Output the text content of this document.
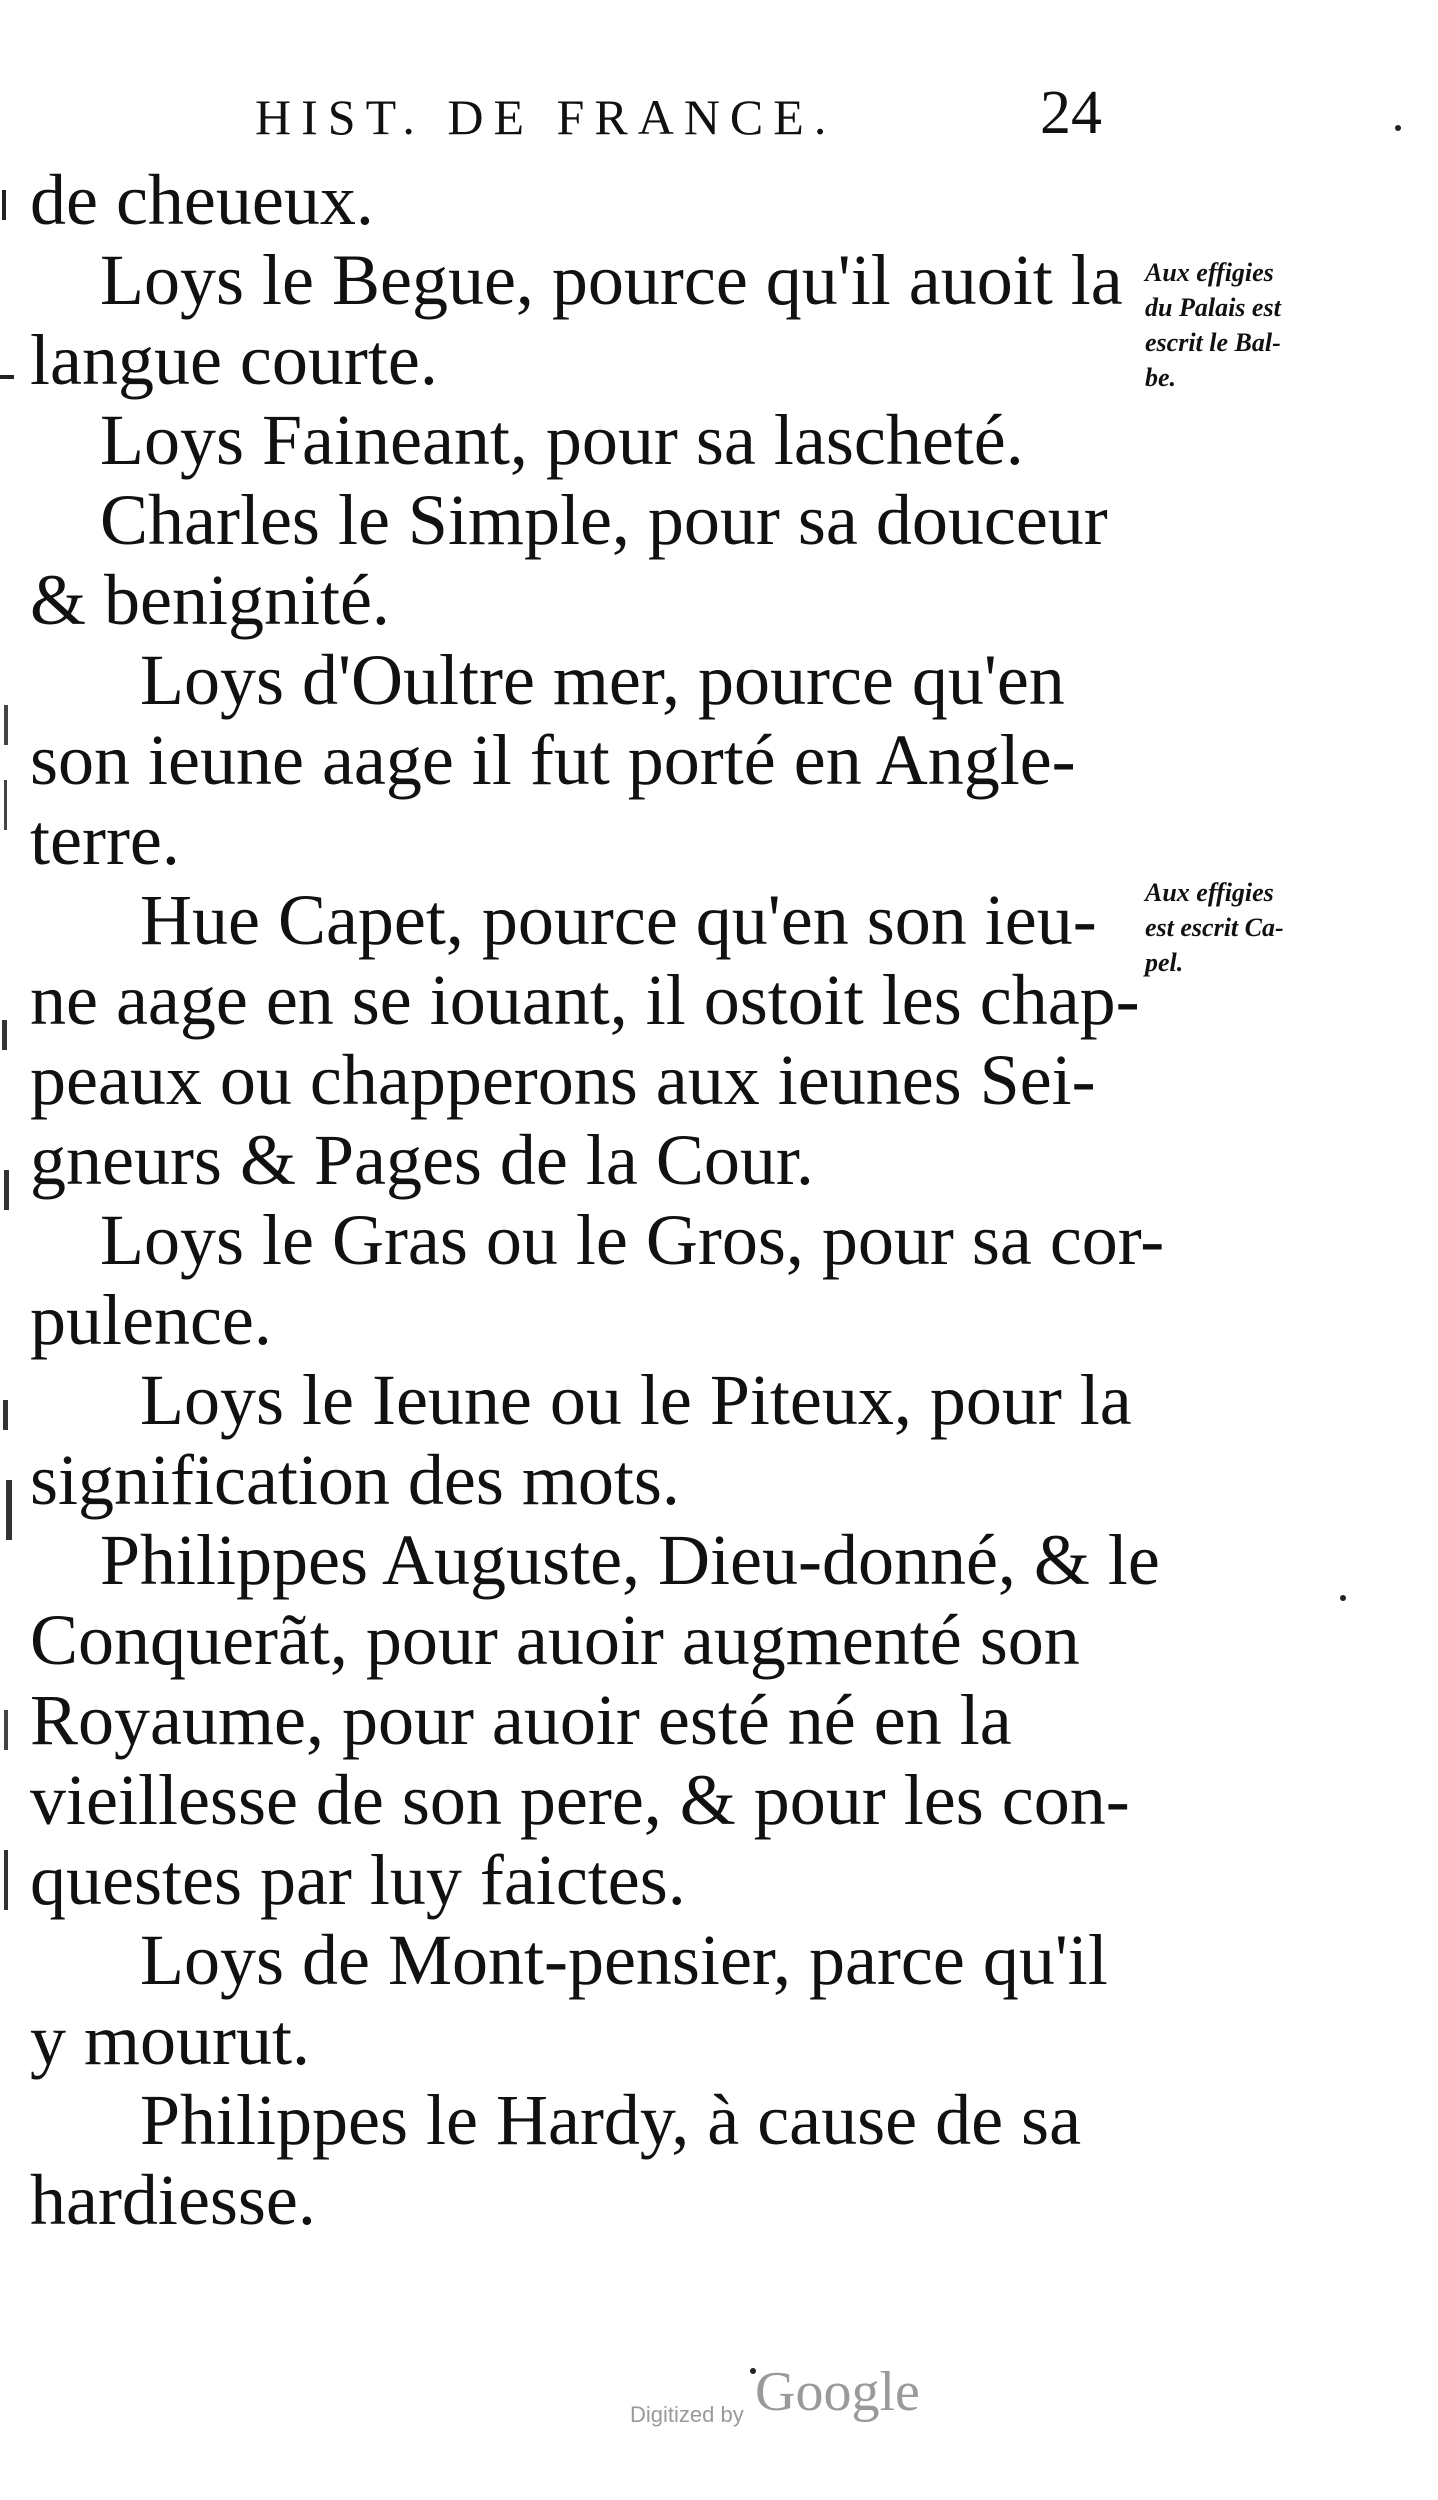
HIST. DE FRANCE.	24
de cheueux.
Loys le Begue, pource qu'il auoit la
langue courte.
Loys Faineant, pour sa lascheté.
Charles le Simple, pour sa douceur
& benignité.
Loys d'Oultre mer, pource qu'en
son ieune aage il fut porté en Angle-
terre.
Hue Capet, pource qu'en son ieu-
ne aage en se iouant, il ostoit les chap-
peaux ou chapperons aux ieunes Sei-
gneurs & Pages de la Cour.
Loys le Gras ou le Gros, pour sa cor-
pulence.
Loys le Ieune ou le Piteux, pour la
signification des mots.
Philippes Auguste, Dieu-donné, & le
Conquerãt, pour auoir augmenté son
Royaume, pour auoir esté né en la
vieillesse de son pere, & pour les con-
questes par luy faictes.
Loys de Mont-pensier, parce qu'il
y mourut.
Philippes le Hardy, à cause de sa
hardiesse.
Aux effigies
du Palais est
escrit le Bal-
be.
Aux effigies
est escrit Ca-
pel.
Digitized by Google
